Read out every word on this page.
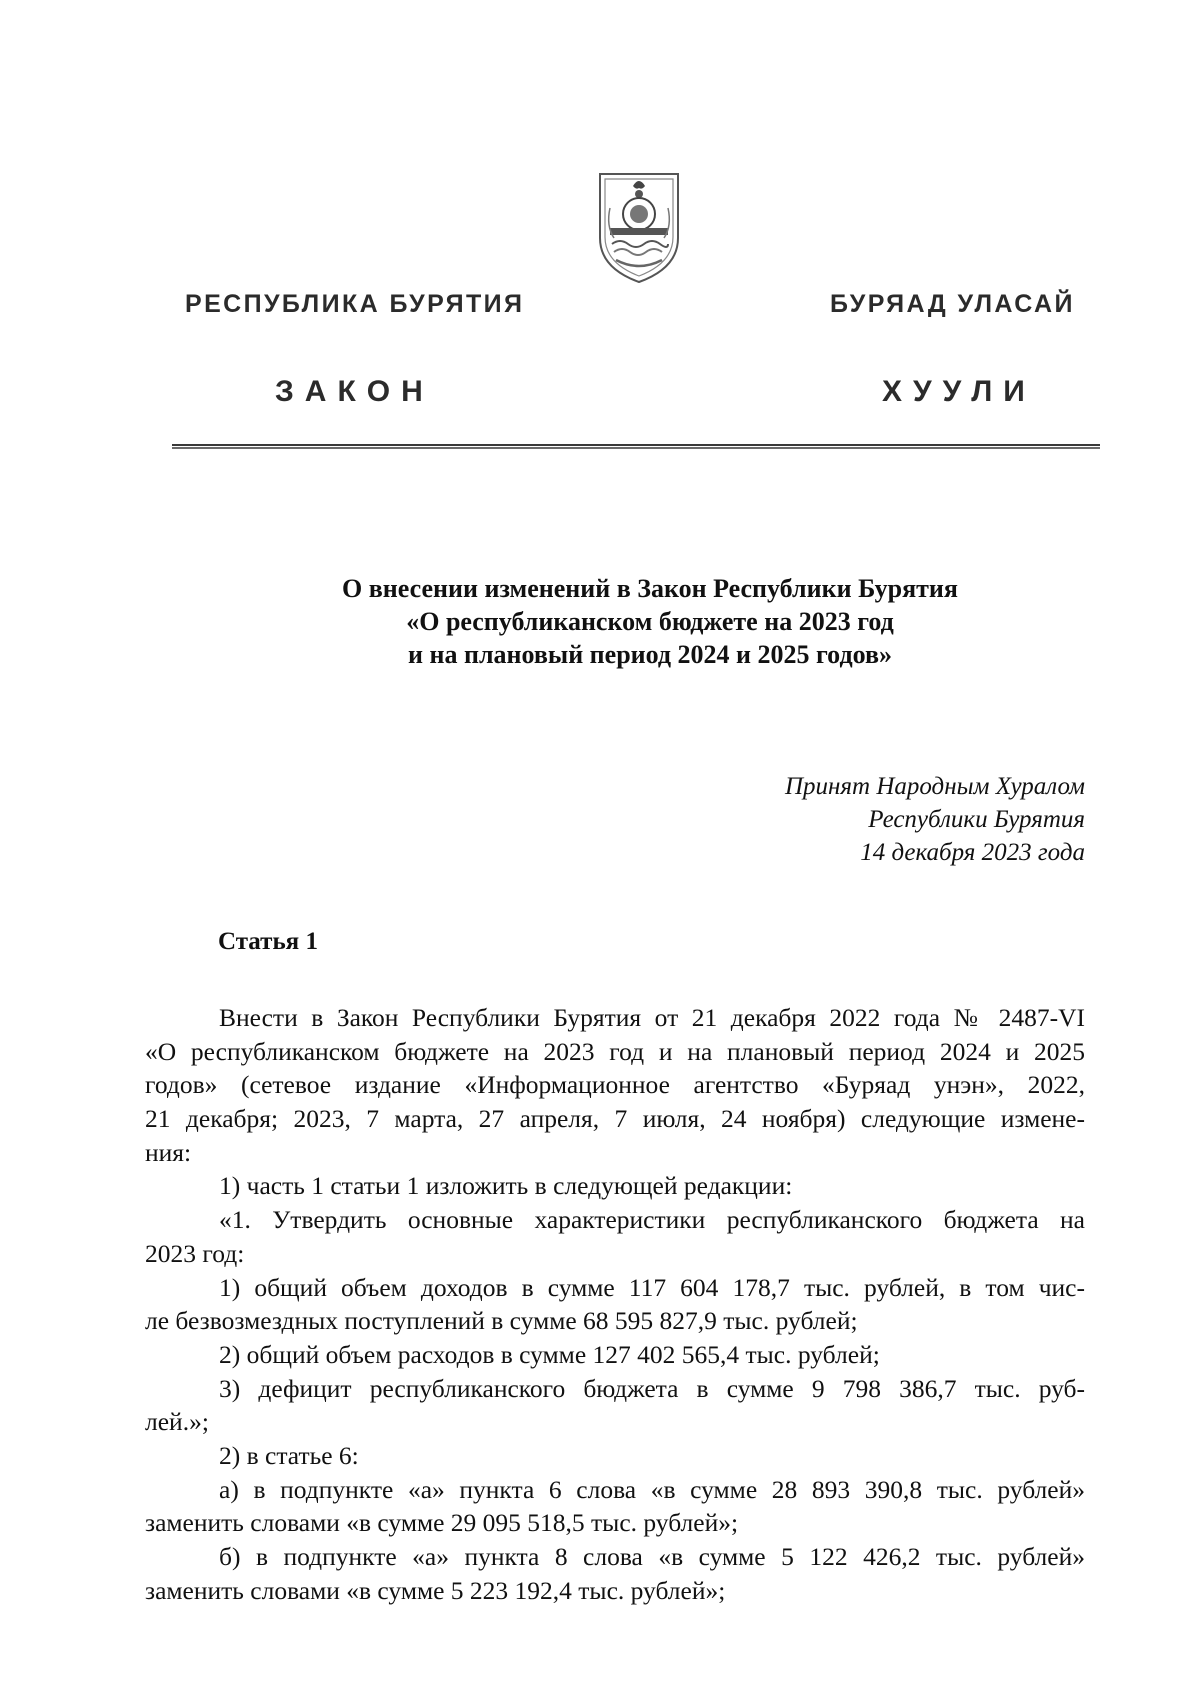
РЕСПУБЛИКА БУРЯТИЯ	БУРЯАД УЛАСАЙ
ЗАКОН	ХУУЛИ
О внесении изменений в Закон Республики Бурятия
«О республиканском бюджете на 2023 год
и на плановый период 2024 и 2025 годов»
Принят Народным Хуралом
Республики Бурятия
14 декабря 2023 года
Статья 1
Внести в Закон Республики Бурятия от 21 декабря 2022 года № 2487-VI
«О республиканском бюджете на 2023 год и на плановый период 2024 и 2025
годов» (сетевое издание «Информационное агентство «Буряад унэн», 2022,
21 декабря; 2023, 7 марта, 27 апреля, 7 июля, 24 ноября) следующие измене-
ния:
1) часть 1 статьи 1 изложить в следующей редакции:
«1. Утвердить основные характеристики республиканского бюджета на
2023 год:
1) общий объем доходов в сумме 117 604 178,7 тыс. рублей, в том чис-
ле безвозмездных поступлений в сумме 68 595 827,9 тыс. рублей;
2) общий объем расходов в сумме 127 402 565,4 тыс. рублей;
3) дефицит республиканского бюджета в сумме 9 798 386,7 тыс. руб-
лей.»;
2) в статье 6:
а) в подпункте «а» пункта 6 слова «в сумме 28 893 390,8 тыс. рублей»
заменить словами «в сумме 29 095 518,5 тыс. рублей»;
б) в подпункте «а» пункта 8 слова «в сумме 5 122 426,2 тыс. рублей»
заменить словами «в сумме 5 223 192,4 тыс. рублей»;
